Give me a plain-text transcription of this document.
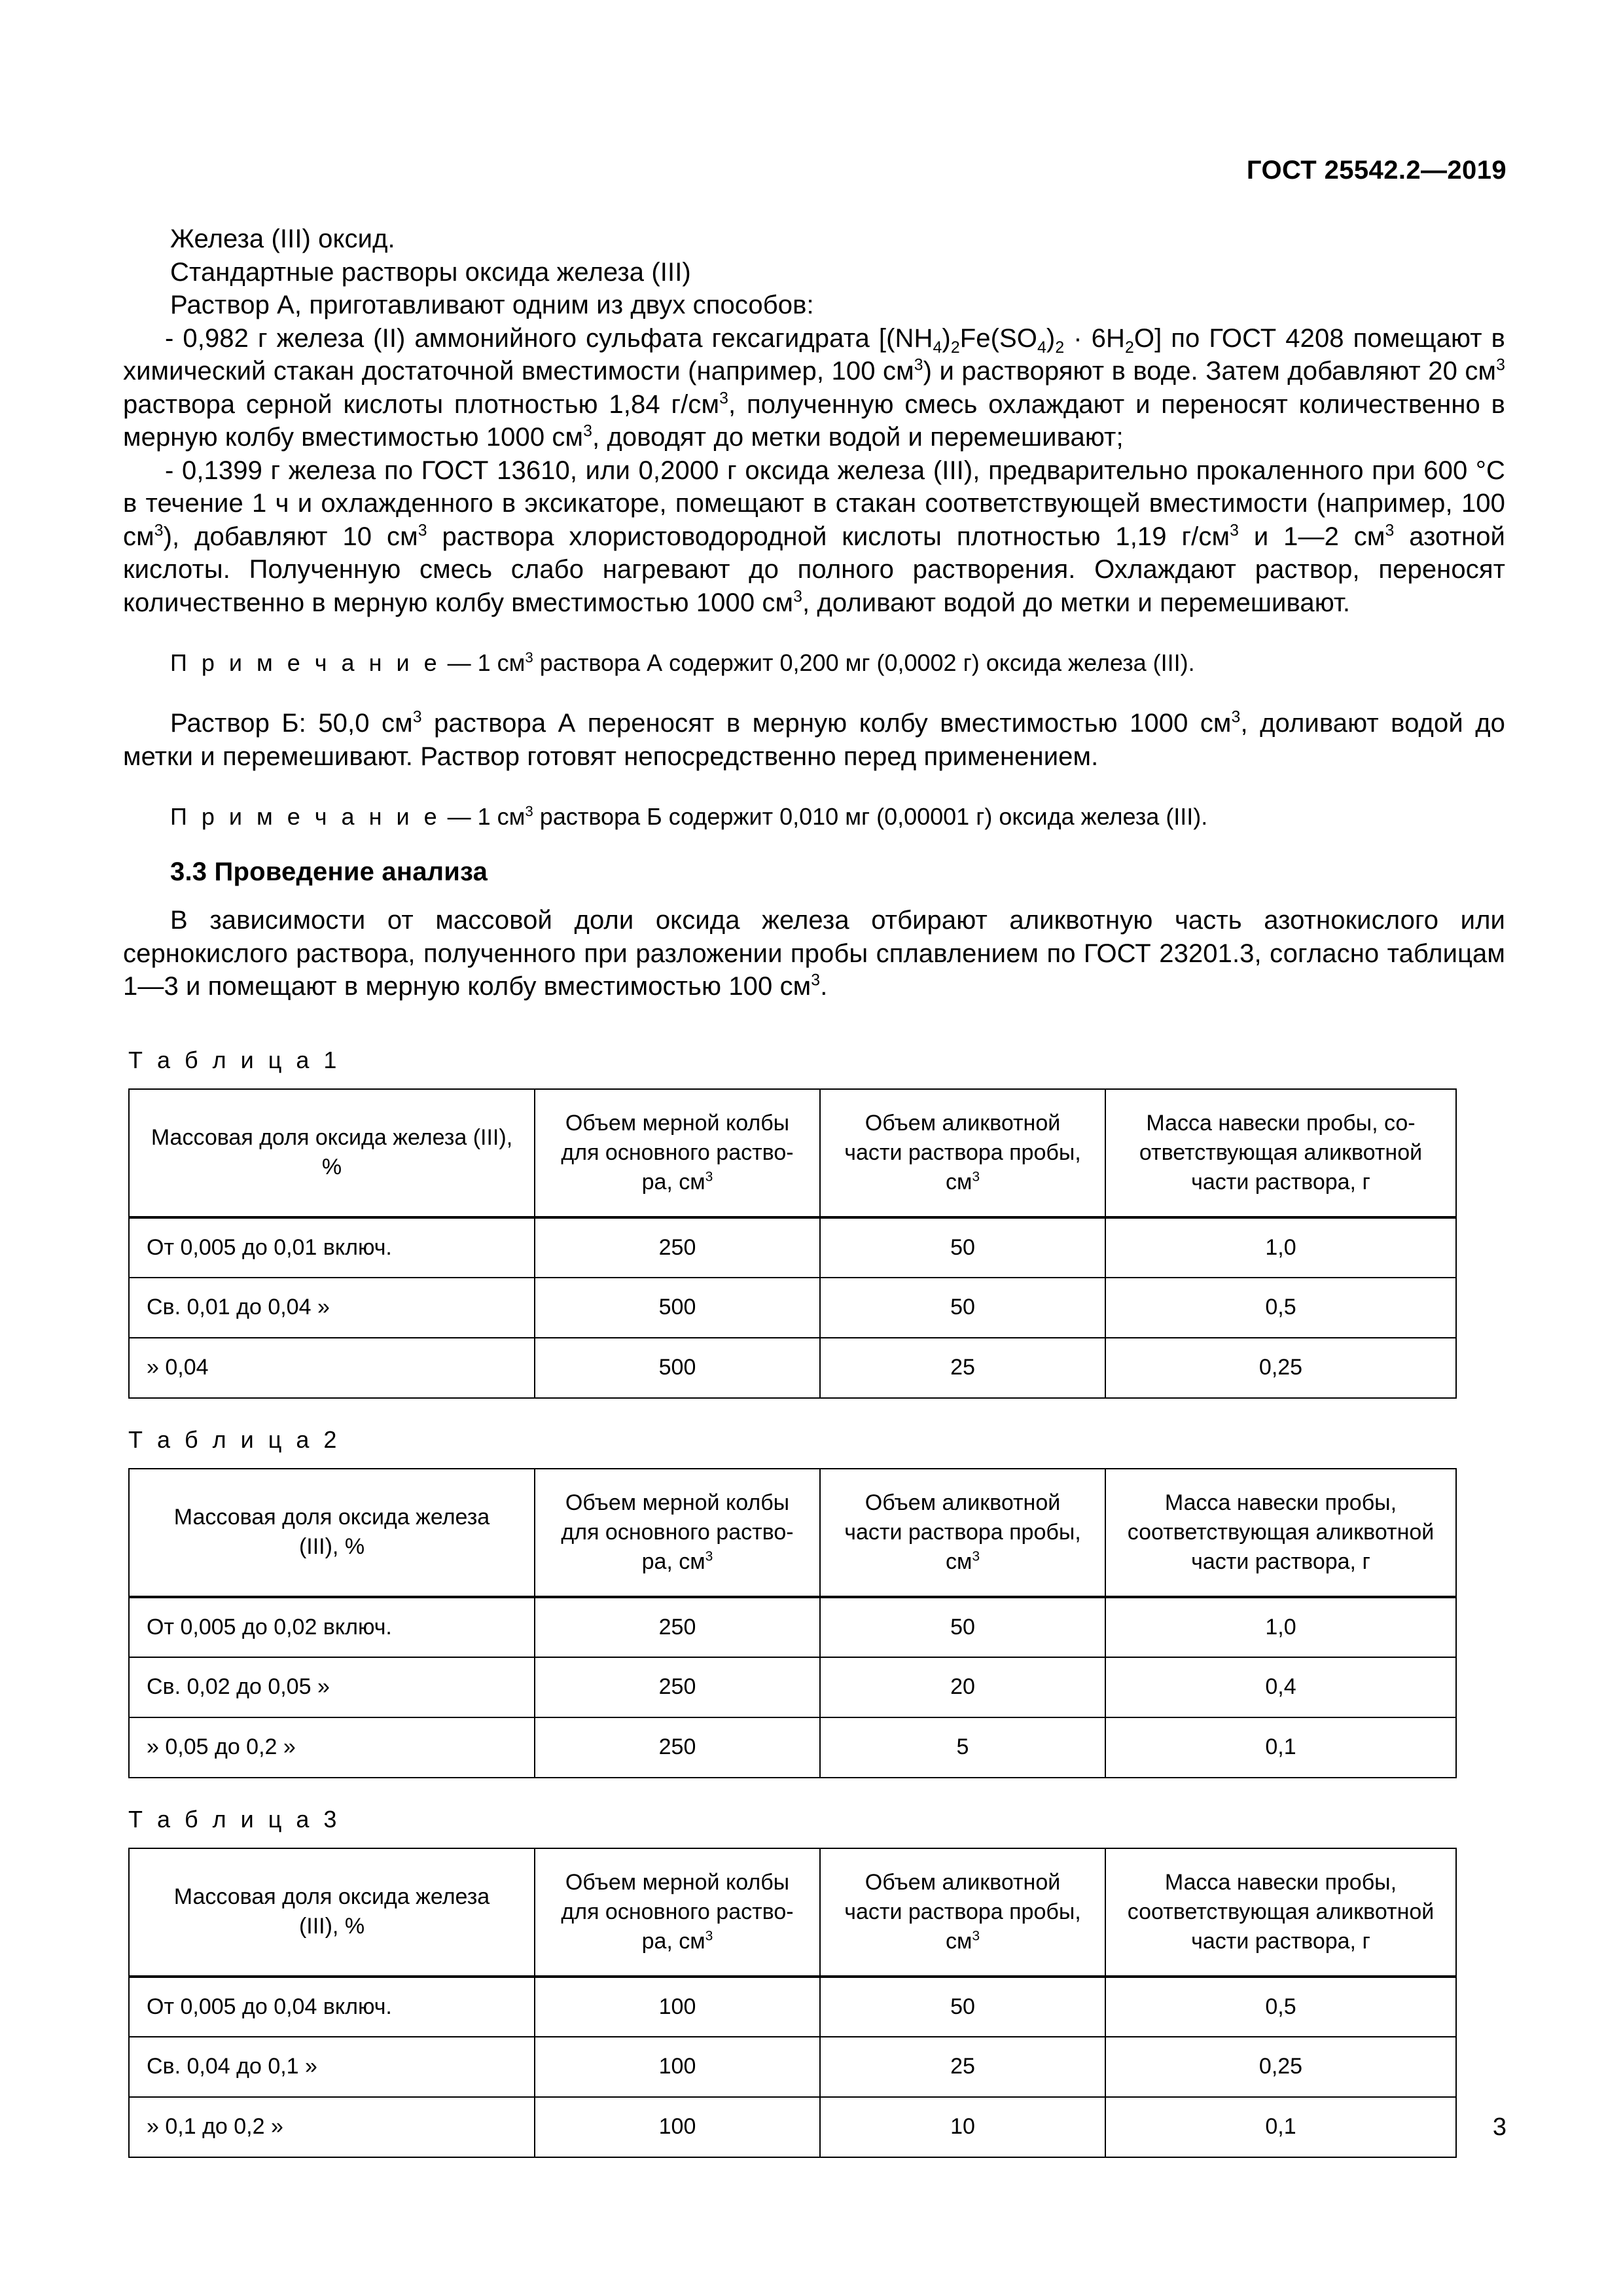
ГОСТ 25542.2—2019

Железа (III) оксид.

Стандартные растворы оксида железа (III)

Раствор А, приготавливают одним из двух способов:

- 0,982 г железа (II) аммонийного сульфата гексагидрата $[(NH_4)_2Fe(SO_4)_2 \cdot 6H_2O]$ по ГОСТ 4208 помещают в химический стакан достаточной вместимости (например, 100 $см^3$) и растворяют в воде. Затем добавляют 20 $см^3$ раствора серной кислоты плотностью 1,84 $г/см^3$, полученную смесь охлаждают и переносят количественно в мерную колбу вместимостью 1000 $см^3$, доводят до метки водой и перемешивают;

- 0,1399 г железа по ГОСТ 13610, или 0,2000 г оксида железа (III), предварительно прокаленного при 600 °С в течение 1 ч и охлажденного в эксикаторе, помещают в стакан соответствующей вместимости (например, 100 $см^3$), добавляют 10 $см^3$ раствора хлористоводородной кислоты плотностью 1,19 $г/см^3$ и 1—2 $см^3$ азотной кислоты. Полученную смесь слабо нагревают до полного растворения. Охлаждают раствор, переносят количественно в мерную колбу вместимостью 1000 $см^3$, доливают водой до метки и перемешивают.

П р и м е ч а н и е — 1 $см^3$ раствора А содержит 0,200 мг (0,0002 г) оксида железа (III).

Раствор Б: 50,0 $см^3$ раствора А переносят в мерную колбу вместимостью 1000 $см^3$, доливают водой до метки и перемешивают. Раствор готовят непосредственно перед применением.

П р и м е ч а н и е — 1 $см^3$ раствора Б содержит 0,010 мг (0,00001 г) оксида железа (III).

3.3 Проведение анализа

В зависимости от массовой доли оксида железа отбирают аликвотную часть азотнокислого или сернокислого раствора, полученного при разложении пробы сплавлением по ГОСТ 23201.3, согласно таблицам 1—3 и помещают в мерную колбу вместимостью 100 $см^3$.

Т а б л и ц а 1

Массовая доля оксида железа (III), %	Объем мерной колбы
для основного раство-
ра, $см^3$	Объем аликвотной
части раствора пробы,
$см^3$	Масса навески пробы, со-
ответствующая аликвотной
части раствора, г
От 0,005 до 0,01 включ.	250	50	1,0
Св. 0,01 до 0,04 »	500	50	0,5
» 0,04	500	25	0,25

Т а б л и ц а 2

Массовая доля оксида железа
(III), %	Объем мерной колбы
для основного раство-
ра, $см^3$	Объем аликвотной
части раствора пробы,
$см^3$	Масса навески пробы,
соответствующая аликвотной
части раствора, г
От 0,005 до 0,02 включ.	250	50	1,0
Св. 0,02 до 0,05 »	250	20	0,4
» 0,05 до 0,2 »	250	5	0,1

Т а б л и ц а 3

Массовая доля оксида железа
(III), %	Объем мерной колбы
для основного раство-
ра, $см^3$	Объем аликвотной
части раствора пробы,
$см^3$	Масса навески пробы,
соответствующая аликвотной
части раствора, г
От 0,005 до 0,04 включ.	100	50	0,5
Св. 0,04 до 0,1 »	100	25	0,25
» 0,1 до 0,2 »	100	10	0,1	3
